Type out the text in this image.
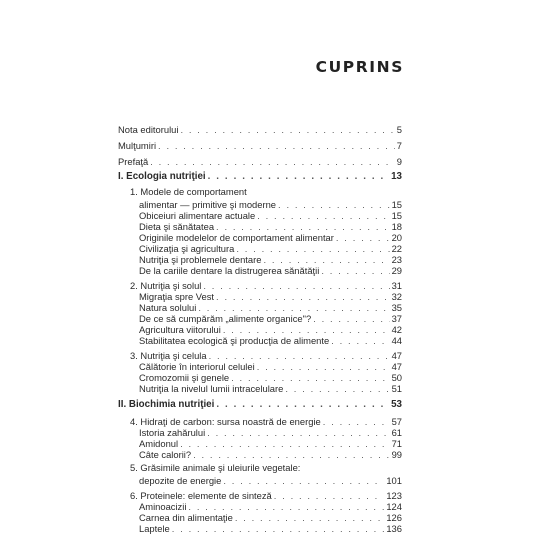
CUPRINS
Nota editorului . . .	5
Mulţumiri . . .	7
Prefaţă . . .	9
I. Ecologia nutriţiei . . .	13
1. Modele de comportament
alimentar — primitive şi moderne . . .	15
Obiceiuri alimentare actuale . . .	15
Dieta şi sănătatea . . .	18
Originile modelelor de comportament alimentar . . .	20
Civilizaţia şi agricultura . . .	22
Nutriţia şi problemele dentare . . .	23
De la cariile dentare la distrugerea sănătăţii . . .	29
2. Nutriţia şi solul . . .	31
Migraţia spre Vest . . .	32
Natura solului . . .	35
De ce să cumpărăm „alimente organice"? . . .	37
Agricultura viitorului . . .	42
Stabilitatea ecologică şi producţia de alimente . . .	44
3. Nutriţia şi celula . . .	47
Călătorie în interiorul celulei . . .	47
Cromozomii şi genele . . .	50
Nutriţia la nivelul lumii intracelulare . . .	51
II. Biochimia nutriţiei . . .	53
4. Hidraţi de carbon: sursa noastră de energie . . .	57
Istoria zahărului . . .	61
Amidonul . . .	71
Câte calorii? . . .	99
5. Grăsimile animale şi uleiurile vegetale:
depozite de energie . . .	101
6. Proteinele: elemente de sinteză . . .	123
Aminoacizii . . .	124
Carnea din alimentaţie . . .	126
Laptele . . .	136
